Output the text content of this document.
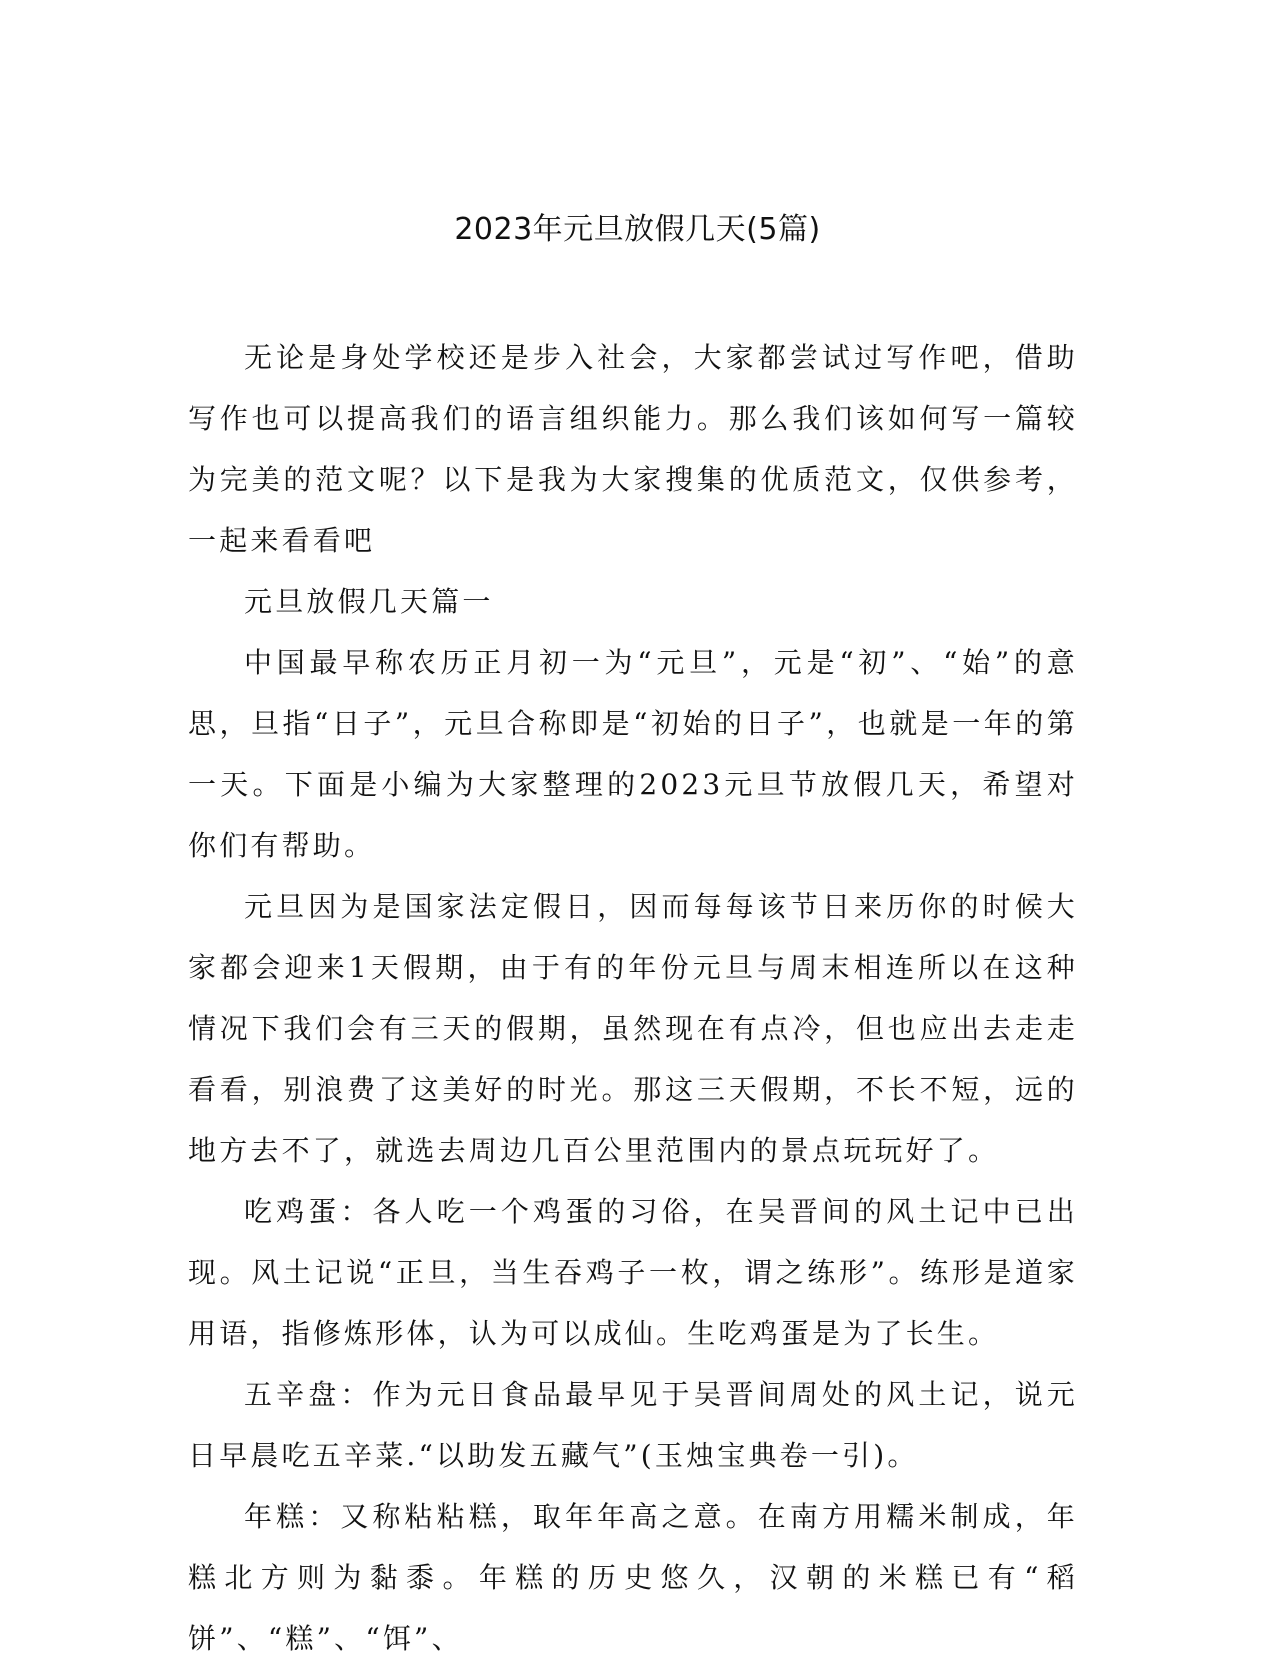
2023年元旦放假几天(5篇)

无论是身处学校还是步入社会，大家都尝试过写作吧，借助写作也可以提高我们的语言组织能力。那么我们该如何写一篇较为完美的范文呢？以下是我为大家搜集的优质范文，仅供参考，一起来看看吧

元旦放假几天篇一

中国最早称农历正月初一为“元旦”，元是“初”、“始”的意思，旦指“日子”，元旦合称即是“初始的日子”，也就是一年的第一天。下面是小编为大家整理的2023元旦节放假几天，希望对你们有帮助。

元旦因为是国家法定假日，因而每每该节日来历你的时候大家都会迎来1天假期，由于有的年份元旦与周末相连所以在这种情况下我们会有三天的假期，虽然现在有点冷，但也应出去走走看看，别浪费了这美好的时光。那这三天假期，不长不短，远的地方去不了，就选去周边几百公里范围内的景点玩玩好了。

吃鸡蛋：各人吃一个鸡蛋的习俗，在吴晋间的风土记中已出现。风土记说“正旦，当生吞鸡子一枚，谓之练形”。练形是道家用语，指修炼形体，认为可以成仙。生吃鸡蛋是为了长生。

五辛盘：作为元日食品最早见于吴晋间周处的风土记，说元日早晨吃五辛菜.“以助发五藏气”(玉烛宝典卷一引)。

年糕：又称粘粘糕，取年年高之意。在南方用糯米制成，年糕北方则为黏黍。年糕的历史悠久，汉朝的米糕已有“稻饼”、“糕”、“饵”、
